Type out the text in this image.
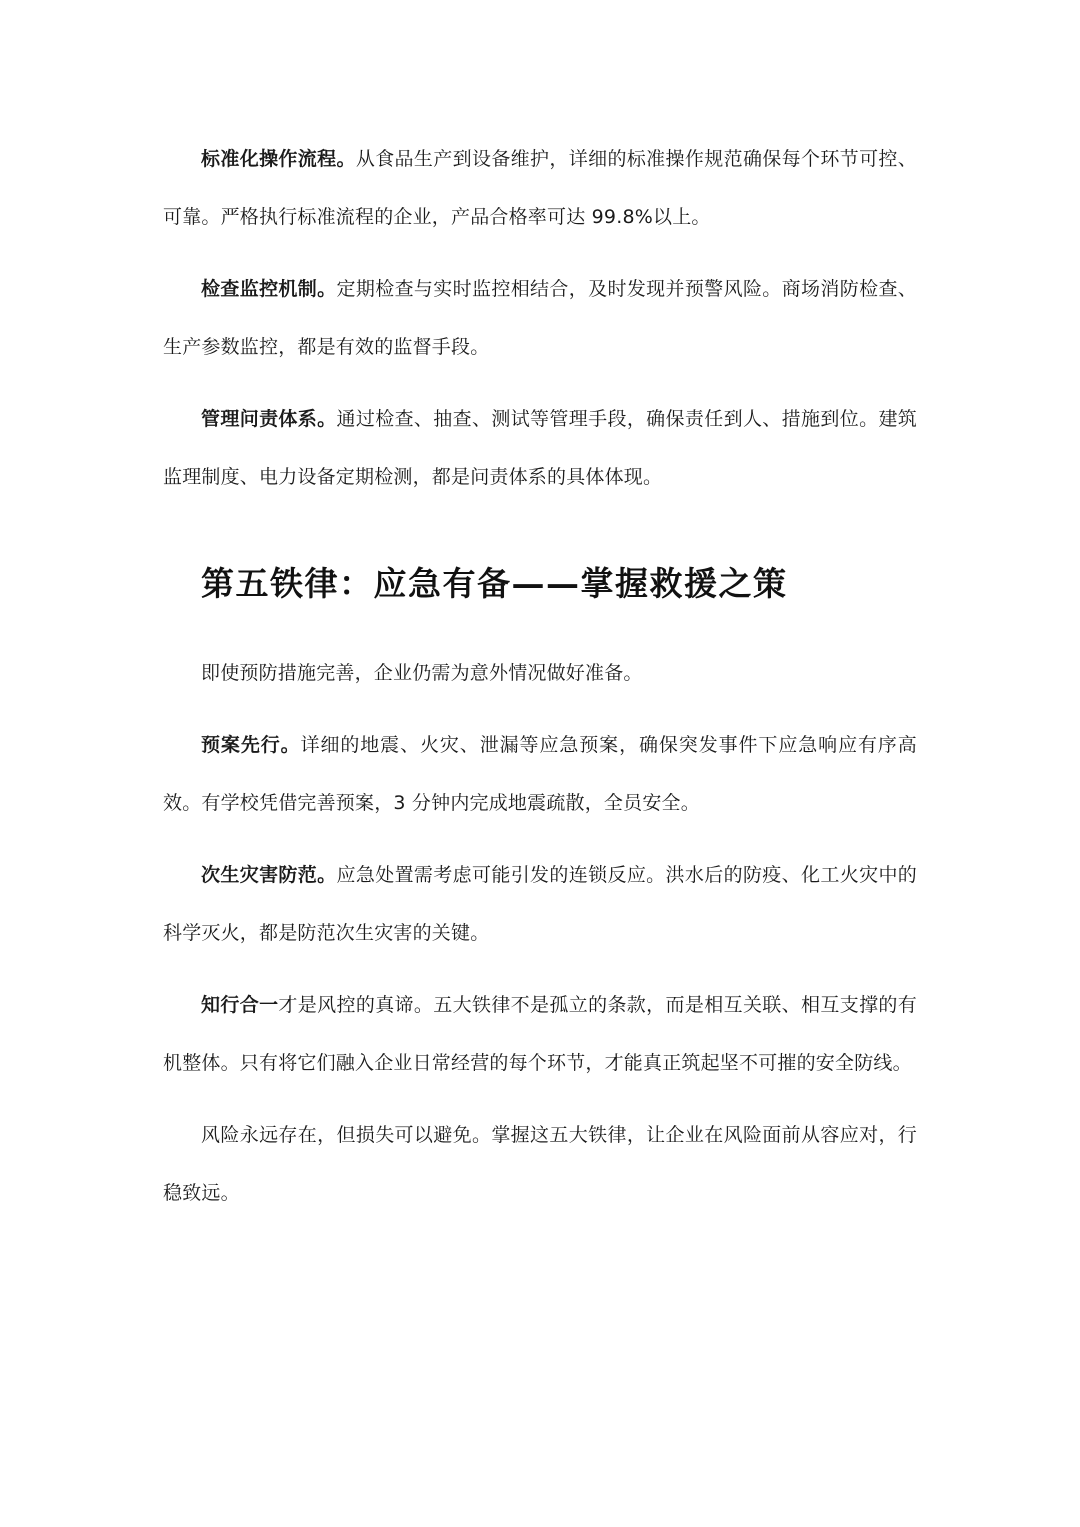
标准化操作流程。从食品生产到设备维护，详细的标准操作规范确保每个环节可控、可靠。严格执行标准流程的企业，产品合格率可达 99.8%以上。

检查监控机制。定期检查与实时监控相结合，及时发现并预警风险。商场消防检查、生产参数监控，都是有效的监督手段。

管理问责体系。通过检查、抽查、测试等管理手段，确保责任到人、措施到位。建筑监理制度、电力设备定期检测，都是问责体系的具体体现。

第五铁律：应急有备——掌握救援之策

即使预防措施完善，企业仍需为意外情况做好准备。

预案先行。详细的地震、火灾、泄漏等应急预案，确保突发事件下应急响应有序高效。有学校凭借完善预案，3 分钟内完成地震疏散，全员安全。

次生灾害防范。应急处置需考虑可能引发的连锁反应。洪水后的防疫、化工火灾中的科学灭火，都是防范次生灾害的关键。

知行合一才是风控的真谛。五大铁律不是孤立的条款，而是相互关联、相互支撑的有机整体。只有将它们融入企业日常经营的每个环节，才能真正筑起坚不可摧的安全防线。

风险永远存在，但损失可以避免。掌握这五大铁律，让企业在风险面前从容应对，行稳致远。
